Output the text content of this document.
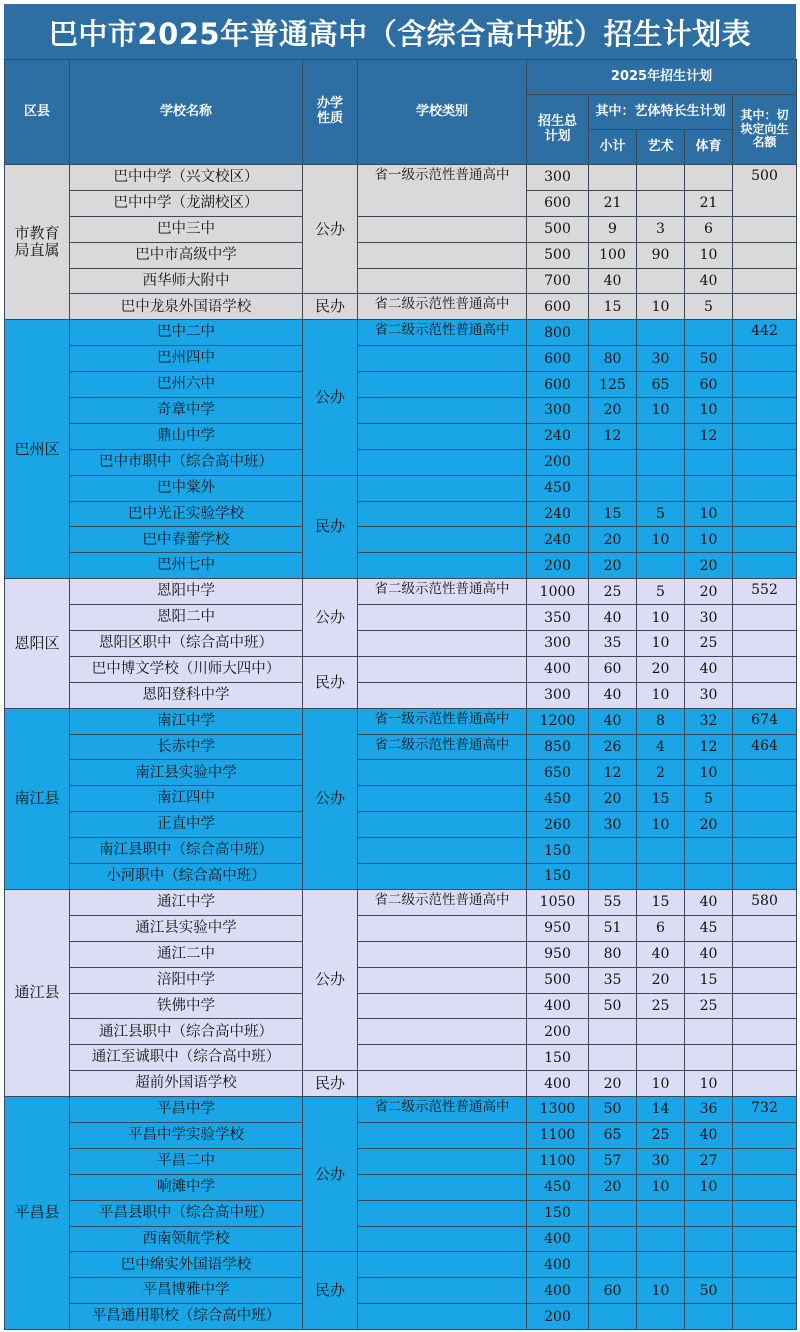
巴中市2025年普通高中（含综合高中班）招生计划表
区县	学校名称	办学性质	学校类别	2025年招生计划				
				招生总计划	其中：艺体特长生计划			其中：切块定向生名额
					小计	艺术	体育	
市教育局直属	巴中中学（兴文校区）	公办	省一级示范性普通高中	300				500
	巴中中学（龙湖校区）			600	21		21	
	巴中三中			500	9	3	6	
	巴中市高级中学			500	100	90	10	
	西华师大附中			700	40		40	
	巴中龙泉外国语学校	民办	省二级示范性普通高中	600	15	10	5	
巴州区	巴中二中	公办	省二级示范性普通高中	800				442
	巴州四中			600	80	30	50	
	巴州六中			600	125	65	60	
	奇章中学			300	20	10	10	
	鼎山中学			240	12		12	
	巴中市职中（综合高中班）			200				
	巴中棠外	民办		450				
	巴中光正实验学校			240	15	5	10	
	巴中春蕾学校			240	20	10	10	
	巴州七中			200	20		20	
恩阳区	恩阳中学	公办	省二级示范性普通高中	1000	25	5	20	552
	恩阳二中			350	40	10	30	
	恩阳区职中（综合高中班）			300	35	10	25	
	巴中博文学校（川师大四中）	民办		400	60	20	40	
	恩阳登科中学			300	40	10	30	
南江县	南江中学	公办	省一级示范性普通高中	1200	40	8	32	674
	长赤中学		省二级示范性普通高中	850	26	4	12	464
	南江县实验中学			650	12	2	10	
	南江四中			450	20	15	5	
	正直中学			260	30	10	20	
	南江县职中（综合高中班）			150				
	小河职中（综合高中班）			150				
通江县	通江中学	公办	省二级示范性普通高中	1050	55	15	40	580
	通江县实验中学			950	51	6	45	
	通江二中			950	80	40	40	
	涪阳中学			500	35	20	15	
	铁佛中学			400	50	25	25	
	通江县职中（综合高中班）			200				
	通江至诚职中（综合高中班）			150				
	超前外国语学校	民办		400	20	10	10	
平昌县	平昌中学	公办	省二级示范性普通高中	1300	50	14	36	732
	平昌中学实验学校			1100	65	25	40	
	平昌二中			1100	57	30	27	
	响滩中学			450	20	10	10	
	平昌县职中（综合高中班）			150				
	西南领航学校			400				
	巴中绵实外国语学校	民办		400				
	平昌博雅中学			400	60	10	50	
	平昌通用职校（综合高中班）			200				
